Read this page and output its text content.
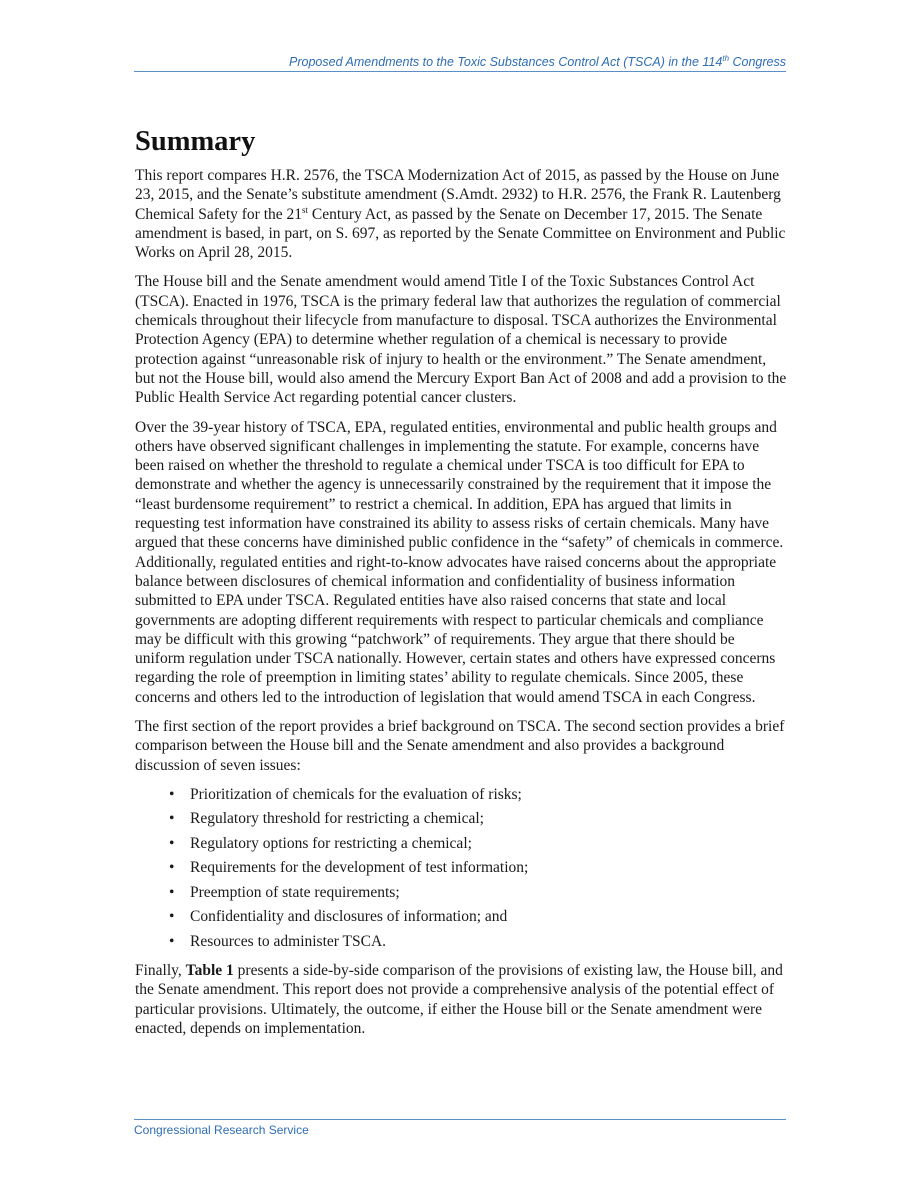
Proposed Amendments to the Toxic Substances Control Act (TSCA) in the 114th Congress
Summary

This report compares H.R. 2576, the TSCA Modernization Act of 2015, as passed by the House on June 23, 2015, and the Senate’s substitute amendment (S.Amdt. 2932) to H.R. 2576, the Frank R. Lautenberg Chemical Safety for the 21st Century Act, as passed by the Senate on December 17, 2015. The Senate amendment is based, in part, on S. 697, as reported by the Senate Committee on Environment and Public Works on April 28, 2015.

The House bill and the Senate amendment would amend Title I of the Toxic Substances Control Act (TSCA). Enacted in 1976, TSCA is the primary federal law that authorizes the regulation of commercial chemicals throughout their lifecycle from manufacture to disposal. TSCA authorizes the Environmental Protection Agency (EPA) to determine whether regulation of a chemical is necessary to provide protection against “unreasonable risk of injury to health or the environment.” The Senate amendment, but not the House bill, would also amend the Mercury Export Ban Act of 2008 and add a provision to the Public Health Service Act regarding potential cancer clusters.

Over the 39-year history of TSCA, EPA, regulated entities, environmental and public health groups and others have observed significant challenges in implementing the statute. For example, concerns have been raised on whether the threshold to regulate a chemical under TSCA is too difficult for EPA to demonstrate and whether the agency is unnecessarily constrained by the requirement that it impose the “least burdensome requirement” to restrict a chemical. In addition, EPA has argued that limits in requesting test information have constrained its ability to assess risks of certain chemicals. Many have argued that these concerns have diminished public confidence in the “safety” of chemicals in commerce. Additionally, regulated entities and right-to-know advocates have raised concerns about the appropriate balance between disclosures of chemical information and confidentiality of business information submitted to EPA under TSCA. Regulated entities have also raised concerns that state and local governments are adopting different requirements with respect to particular chemicals and compliance may be difficult with this growing “patchwork” of requirements. They argue that there should be uniform regulation under TSCA nationally. However, certain states and others have expressed concerns regarding the role of preemption in limiting states’ ability to regulate chemicals. Since 2005, these concerns and others led to the introduction of legislation that would amend TSCA in each Congress.

The first section of the report provides a brief background on TSCA. The second section provides a brief comparison between the House bill and the Senate amendment and also provides a background discussion of seven issues:

• Prioritization of chemicals for the evaluation of risks;
• Regulatory threshold for restricting a chemical;
• Regulatory options for restricting a chemical;
• Requirements for the development of test information;
• Preemption of state requirements;
• Confidentiality and disclosures of information; and
• Resources to administer TSCA.

Finally, Table 1 presents a side-by-side comparison of the provisions of existing law, the House bill, and the Senate amendment. This report does not provide a comprehensive analysis of the potential effect of particular provisions. Ultimately, the outcome, if either the House bill or the Senate amendment were enacted, depends on implementation.

Congressional Research Service
